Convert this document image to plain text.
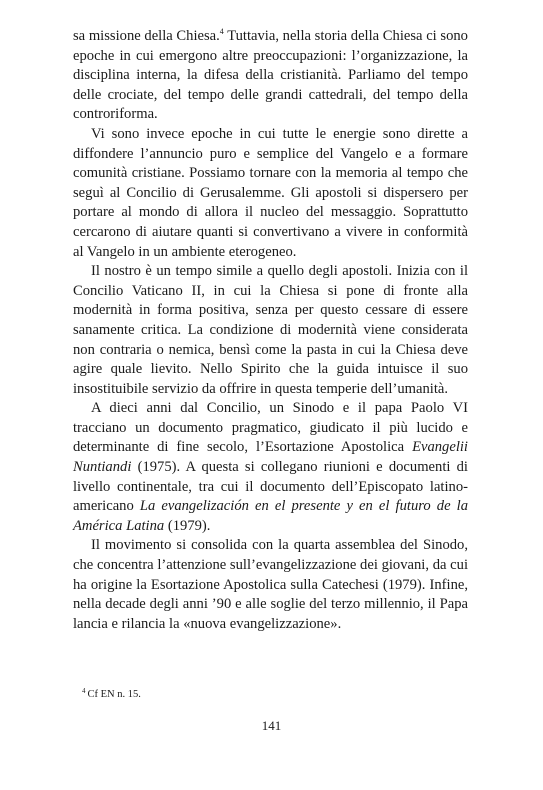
sa missione della Chiesa.$^4$ Tuttavia, nella storia della Chiesa ci sono epoche in cui emergono altre preoccupazioni: l’organizzazione, la disciplina interna, la difesa della cristianità. Parliamo del tempo delle crociate, del tempo delle grandi cattedrali, del tempo della controriforma.

Vi sono invece epoche in cui tutte le energie sono dirette a diffondere l’annuncio puro e semplice del Vangelo e a formare comunità cristiane. Possiamo tornare con la memoria al tempo che seguì al Concilio di Gerusalemme. Gli apostoli si dispersero per portare al mondo di allora il nucleo del messaggio. Soprattutto cercarono di aiutare quanti si convertivano a vivere in conformità al Vangelo in un ambiente eterogeneo.

Il nostro è un tempo simile a quello degli apostoli. Inizia con il Concilio Vaticano II, in cui la Chiesa si pone di fronte alla modernità in forma positiva, senza per questo cessare di essere sanamente critica. La condizione di modernità viene considerata non contraria o nemica, bensì come la pasta in cui la Chiesa deve agire quale lievito. Nello Spirito che la guida intuisce il suo insostituibile servizio da offrire in questa temperie dell’umanità.

A dieci anni dal Concilio, un Sinodo e il papa Paolo VI tracciano un documento pragmatico, giudicato il più lucido e determinante di fine secolo, l’Esortazione Apostolica Evangelii Nuntiandi (1975). A questa si collegano riunioni e documenti di livello continentale, tra cui il documento dell’Episcopato latino-americano La evangelización en el presente y en el futuro de la América Latina (1979).

Il movimento si consolida con la quarta assemblea del Sinodo, che concentra l’attenzione sull’evangelizzazione dei giovani, da cui ha origine la Esortazione Apostolica sulla Catechesi (1979). Infine, nella decade degli anni ’90 e alle soglie del terzo millennio, il Papa lancia e rilancia la «nuova evangelizzazione».

$^4$ Cf EN n. 15.
141
